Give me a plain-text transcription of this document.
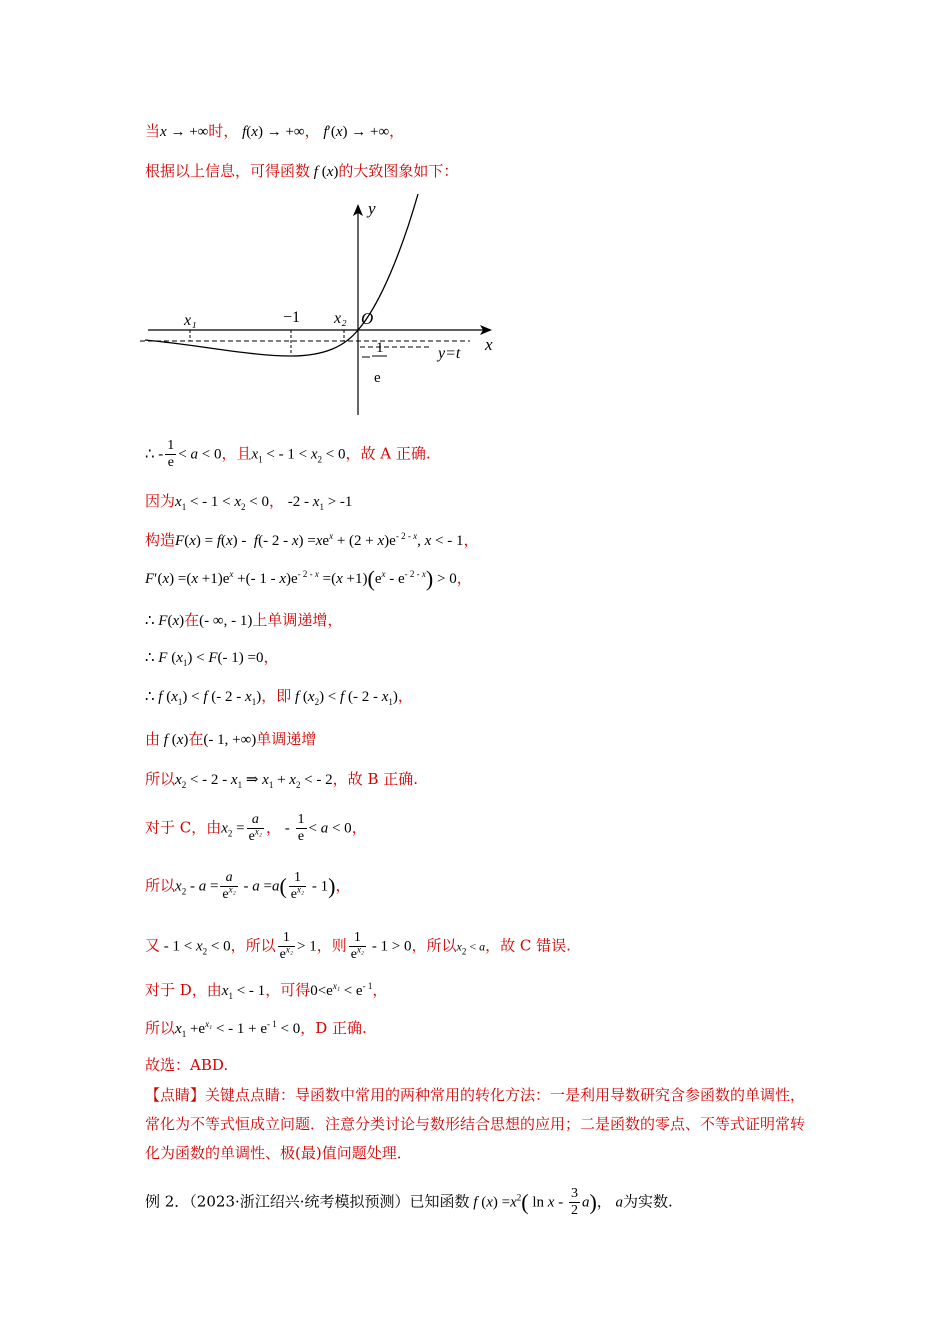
当x → +∞时， f(x) → +∞， f′(x) → +∞，
根据以上信息，可得函数 f (x)的大致图象如下：
y
x
x₁	−1 x₂ O
1
e
y=t
∴ - $\frac{1}{e} < a < 0$，且$x_1$ < - $1 < x_2 < 0$，故 A 正确.
因为$x_1$ < - $1 < x_2 < 0$， $-2 - x_1 > -1$
构造F(x) = f(x) -  f(- $2 - x) =xe^x + (2 + x)e^{- 2 - x}$, x < - 1，
$F'(x) =(x +1)e^x$ +(- $1 - x)e^{- 2 - x} =(x +1)(e^x - e^{- 2 - x}) > 0$，
∴ F(x)在(- ∞, - 1)上单调递增，
∴ F $(x_1) < F(-$ 1) =0，
∴ f $(x_1) < f$ (- $2 - x_1$)，即 f $(x_2) < f$ (- $2 - x_1$)，
由 f (x)在(- 1, +∞)单调递增
所以$x_2$ < - $2 - x_1$ ⇒ $x_1 + x_2$ < - 2，故 B 正确.
对于 C，由$x_2 = \frac{a}{e^{x_2}}$ ， - $\frac{1}{e} < a < 0$，
所以$x_2 - a = \frac{a}{e^{x_2}} - a =a( \frac{1}{e^{x_2}} - 1)$，
又 - $1 < x_2 < 0$，所以 $\frac{1}{e^{x_2}} > 1$，则 $\frac{1}{e^{x_2}} - 1 > 0$，所以$x_2 < a$，故 C 错误.
对于 D，由$x_1$ < - 1，可得$0<e^{x_1} < e^{- 1}$，
所以$x_1 +e^{x_1}$ < - $1 + e^{- 1} < 0$，D 正确.
故选：ABD.
【点睛】关键点点睛：导函数中常用的两种常用的转化方法：一是利用导数研究含参函数的单调性，常化为不等式恒成立问题．注意分类讨论与数形结合思想的应用；二是函数的零点、不等式证明常转化为函数的单调性、极(最)值问题处理．
例 2．（2023·浙江绍兴·统考模拟预测）已知函数 f $(x) =x^2$( ln x - $\frac{3}{2} a$)， a为实数.
